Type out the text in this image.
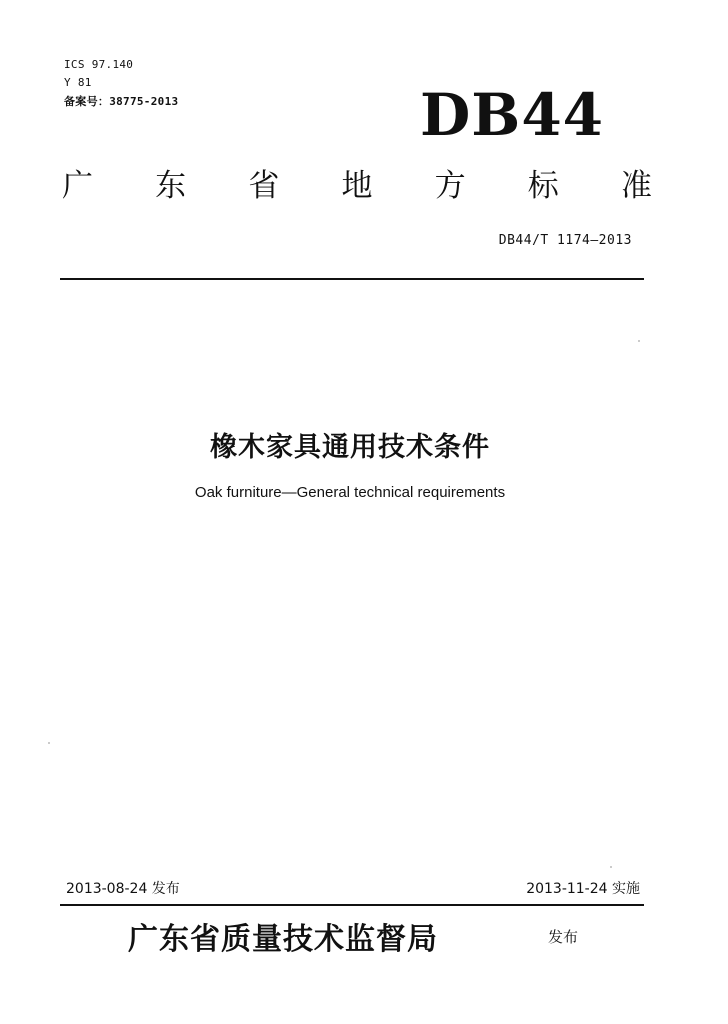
ICS 97.140
Y 81
备案号：38775-2013	DB44
广 东 省 地 方 标 准
DB44/T 1174—2013
橡木家具通用技术条件
Oak furniture—General technical requirements
2013-08-24 发布	2013-11-24 实施
广东省质量技术监督局	发布
